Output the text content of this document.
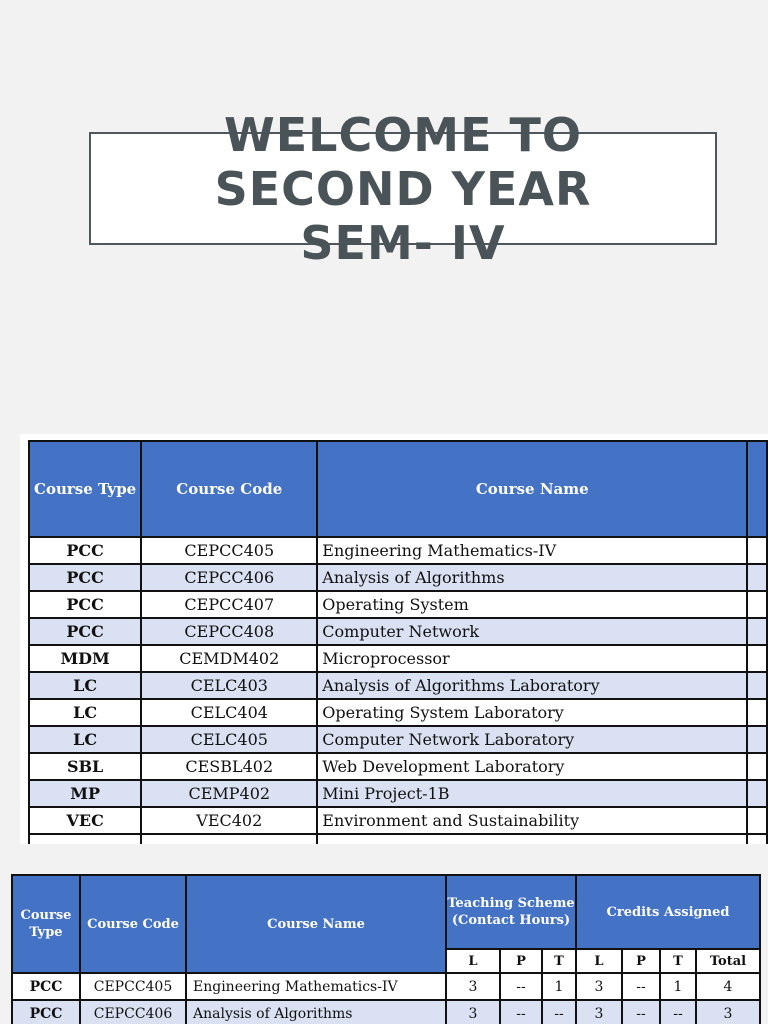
WELCOME TO
SECOND YEAR
SEM- IV
Course Type	Course Code	Course Name	
PCC	CEPCC405	Engineering Mathematics-IV	
PCC	CEPCC406	Analysis of Algorithms	
PCC	CEPCC407	Operating System	
PCC	CEPCC408	Computer Network	
MDM	CEMDM402	Microprocessor	
LC	CELC403	Analysis of Algorithms Laboratory	
LC	CELC404	Operating System Laboratory	
LC	CELC405	Computer Network Laboratory	
SBL	CESBL402	Web Development Laboratory	
MP	CEMP402	Mini Project-1B	
VEC	VEC402	Environment and Sustainability	

Course Type	Course Code	Course Name	Teaching Scheme (Contact Hours)			Credits Assigned			
			L	P	T	L	P	T	Total
PCC	CEPCC405	Engineering Mathematics-IV	3	--	1	3	--	1	4
PCC	CEPCC406	Analysis of Algorithms	3	--	--	3	--	--	3
